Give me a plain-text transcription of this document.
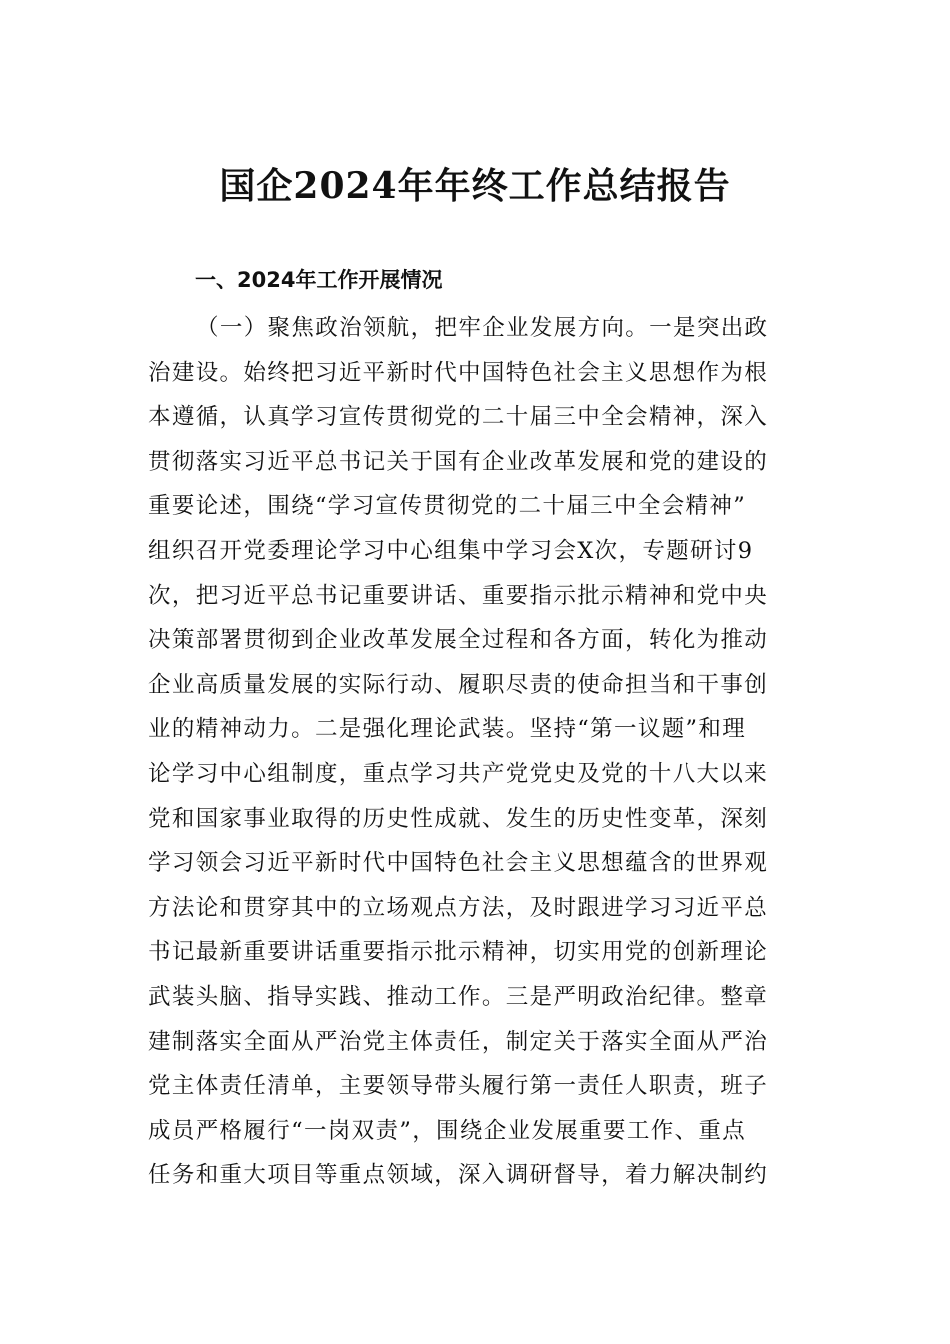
国企2024年年终工作总结报告
一、2024年工作开展情况
（一）聚焦政治领航，把牢企业发展方向。一是突出政
治建设。始终把习近平新时代中国特色社会主义思想作为根
本遵循，认真学习宣传贯彻党的二十届三中全会精神，深入
贯彻落实习近平总书记关于国有企业改革发展和党的建设的
重要论述，围绕“学习宣传贯彻党的二十届三中全会精神”
组织召开党委理论学习中心组集中学习会X次，专题研讨9
次，把习近平总书记重要讲话、重要指示批示精神和党中央
决策部署贯彻到企业改革发展全过程和各方面，转化为推动
企业高质量发展的实际行动、履职尽责的使命担当和干事创
业的精神动力。二是强化理论武装。坚持“第一议题”和理
论学习中心组制度，重点学习共产党党史及党的十八大以来
党和国家事业取得的历史性成就、发生的历史性变革，深刻
学习领会习近平新时代中国特色社会主义思想蕴含的世界观
方法论和贯穿其中的立场观点方法，及时跟进学习习近平总
书记最新重要讲话重要指示批示精神，切实用党的创新理论
武装头脑、指导实践、推动工作。三是严明政治纪律。整章
建制落实全面从严治党主体责任，制定关于落实全面从严治
党主体责任清单，主要领导带头履行第一责任人职责，班子
成员严格履行“一岗双责”，围绕企业发展重要工作、重点
任务和重大项目等重点领域，深入调研督导，着力解决制约
